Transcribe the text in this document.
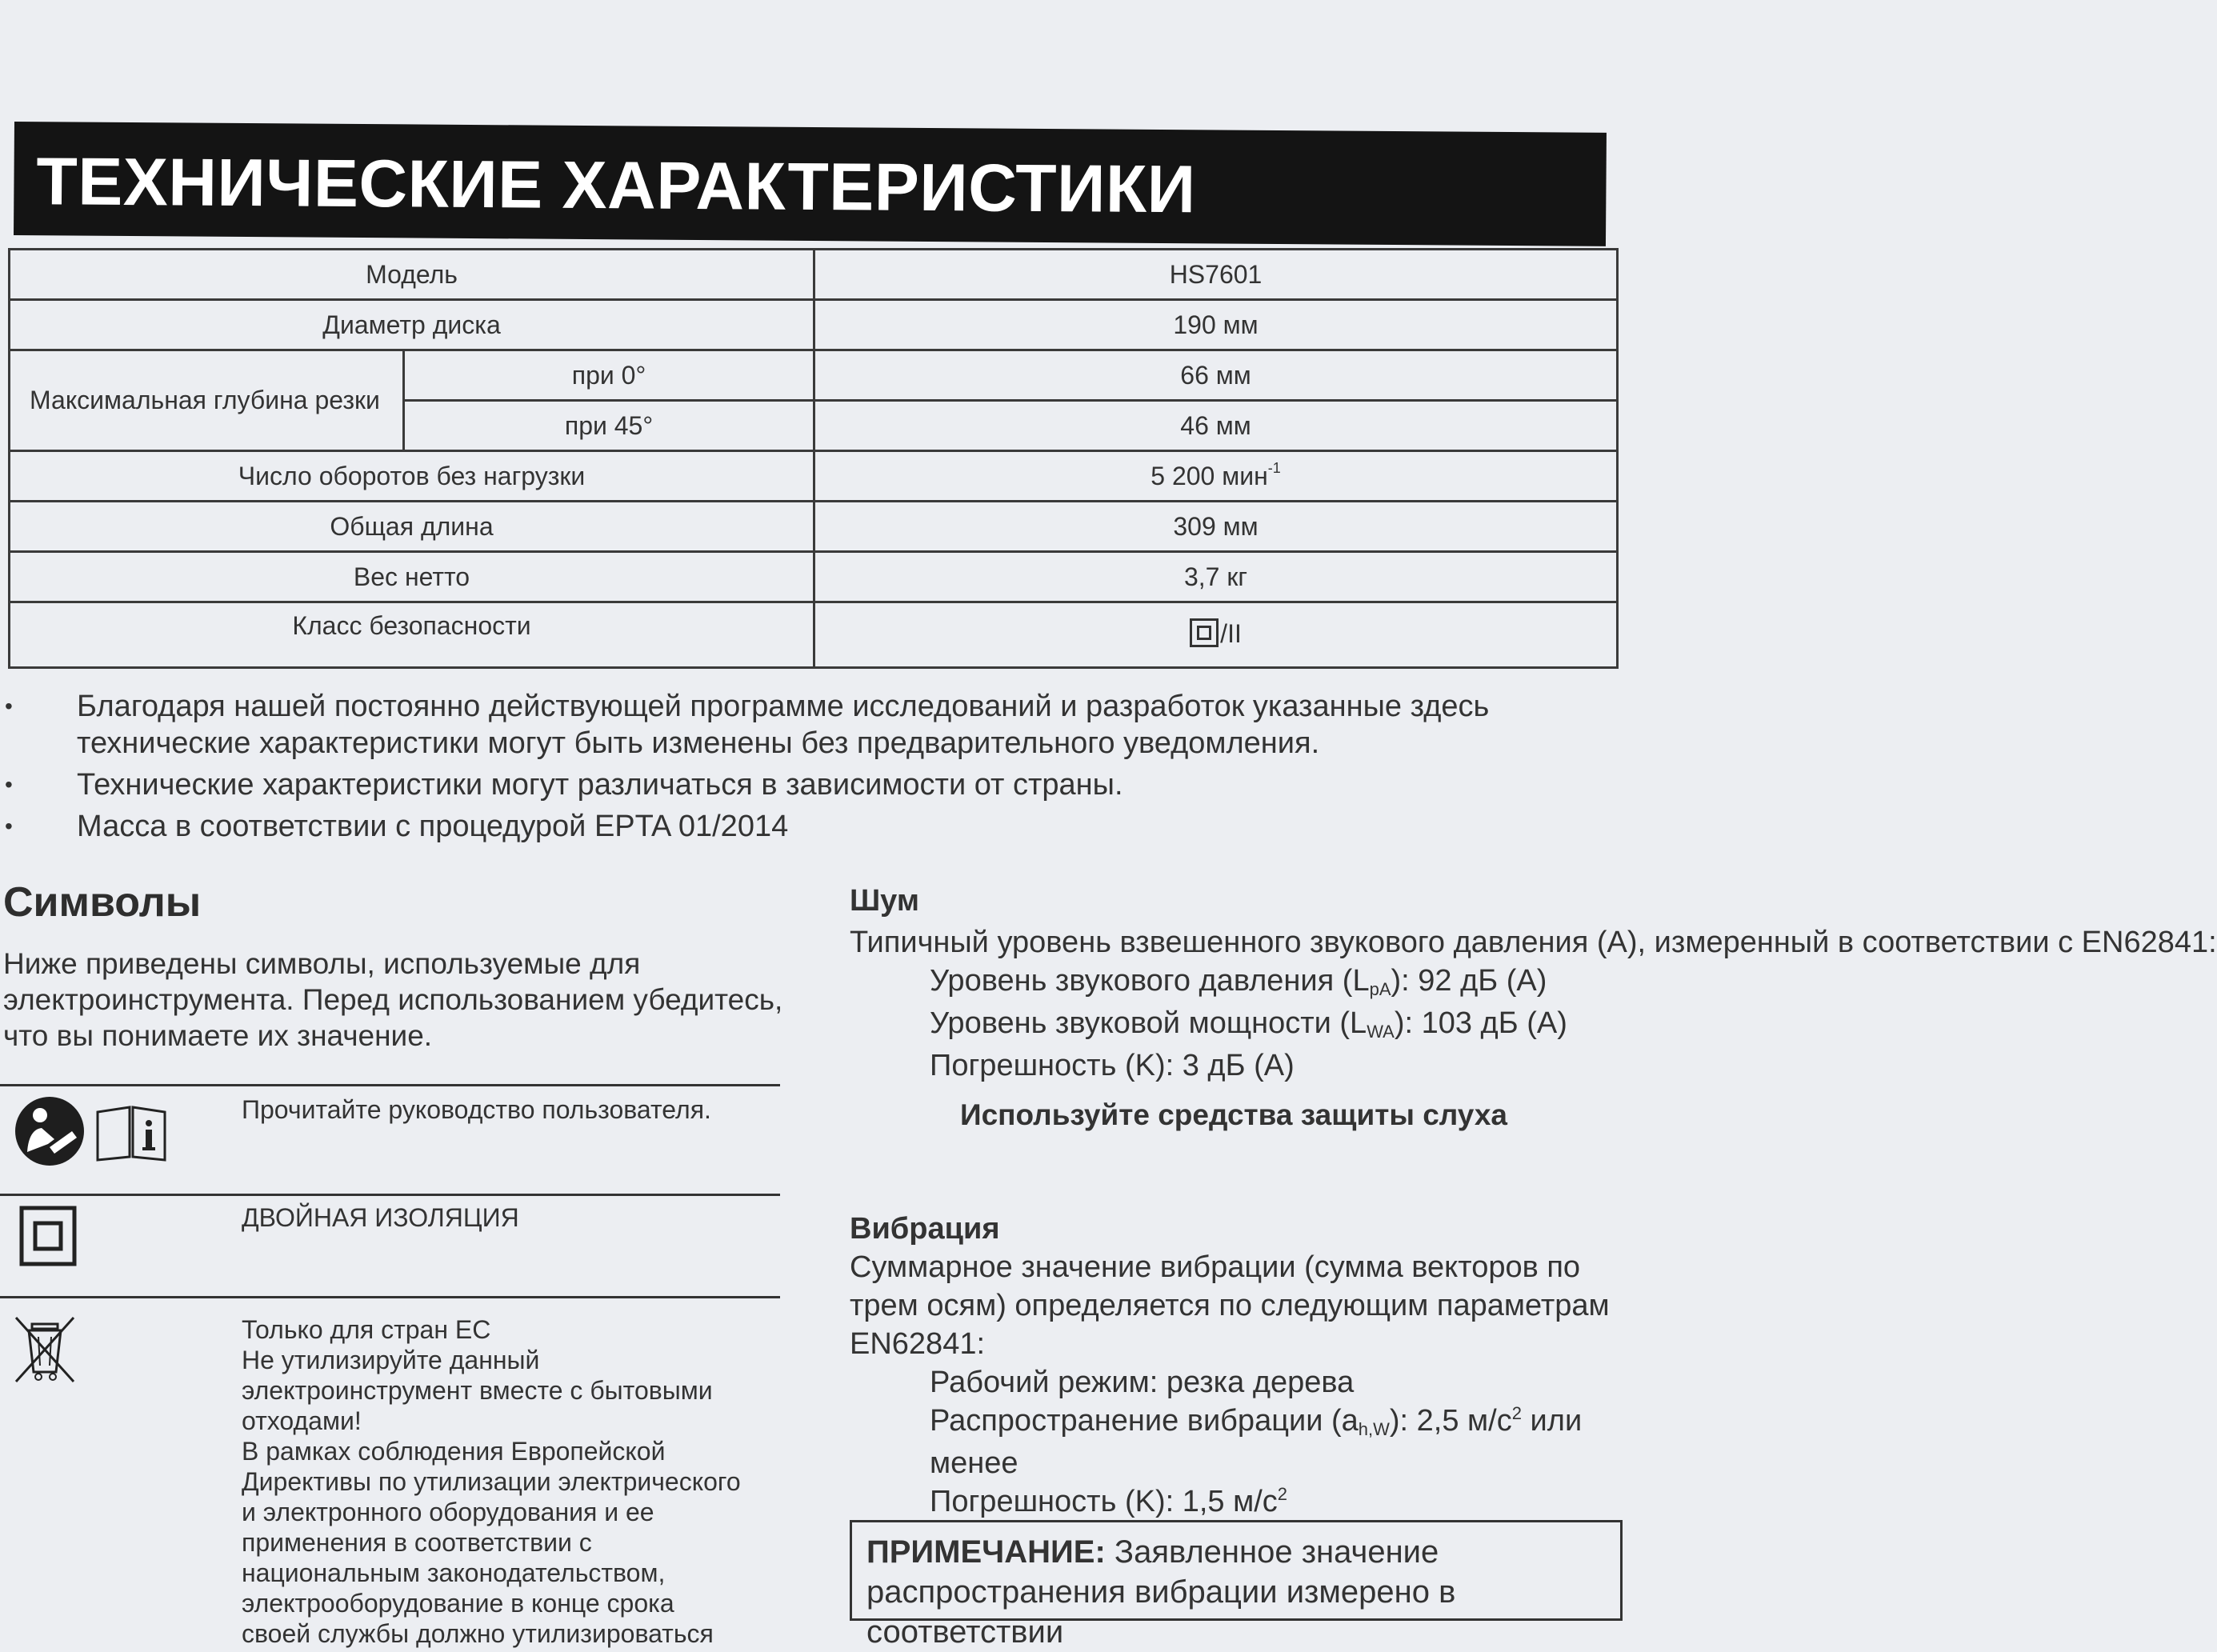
ТЕХНИЧЕСКИЕ ХАРАКТЕРИСТИКИ
Модель		HS7601
Диаметр диска		190 мм
Максимальная глубина резки	при 0°	66 мм
	при 45°	46 мм
Число оборотов без нагрузки		5 200 мин$^{-1}$
Общая длина		309 мм
Вес нетто		3,7 кг
Класс безопасности		/II
• Благодаря нашей постоянно действующей программе исследований и разработок указанные здесь технические характеристики могут быть изменены без предварительного уведомления.
• Технические характеристики могут различаться в зависимости от страны.
• Масса в соответствии с процедурой EPTA 01/2014
Символы

Ниже приведены символы, используемые для электроинструмента. Перед использованием убедитесь, что вы понимаете их значение.

Прочитайте руководство пользователя.

ДВОЙНАЯ ИЗОЛЯЦИЯ

Только для стран ЕС
Не утилизируйте данный электроинструмент вместе с бытовыми отходами!
В рамках соблюдения Европейской Директивы по утилизации электрического и электронного оборудования и ее применения в соответствии с национальным законодательством, электрооборудование в конце срока своей службы должно утилизироваться

Шум

Типичный уровень взвешенного звукового давления (A), измеренный в соответствии с EN62841:

Уровень звукового давления (LpA): 92 дБ (A)
Уровень звуковой мощности (LWA): 103 дБ (A)
Погрешность (K): 3 дБ (A)
Используйте средства защиты слуха

Вибрация

Суммарное значение вибрации (сумма векторов по трем осям) определяется по следующим параметрам EN62841:

Рабочий режим: резка дерева
Распространение вибрации (ah,W): 2,5 $м/с^2$ или менее
Погрешность (K): 1,5 $м/с^2$

ПРИМЕЧАНИЕ: Заявленное значение распространения вибрации измерено в соответствии
